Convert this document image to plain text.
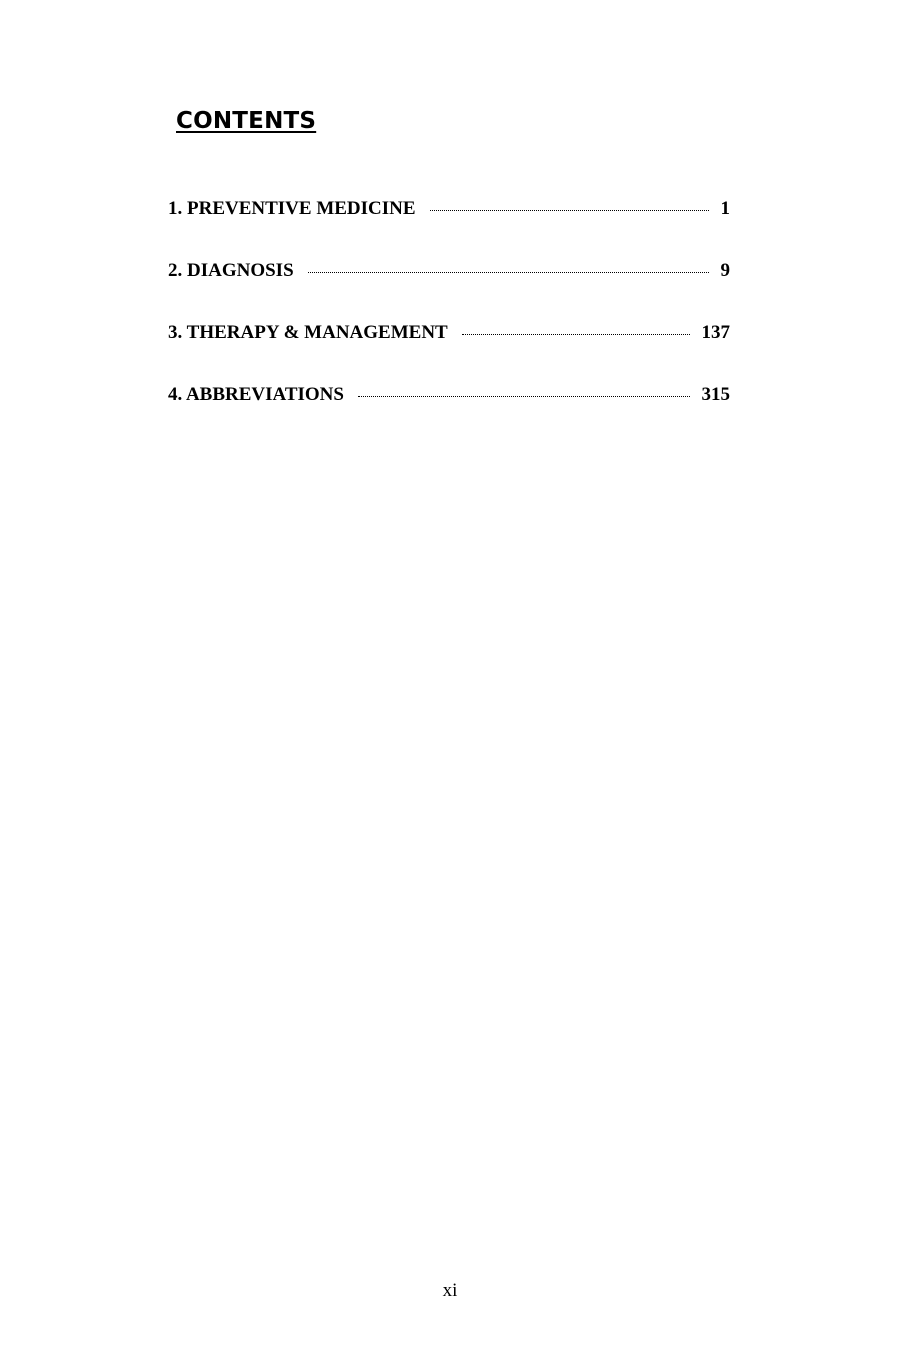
CONTENTS
1. PREVENTIVE MEDICINE	1
2. DIAGNOSIS	9
3. THERAPY & MANAGEMENT	137
4. ABBREVIATIONS	315
xi
